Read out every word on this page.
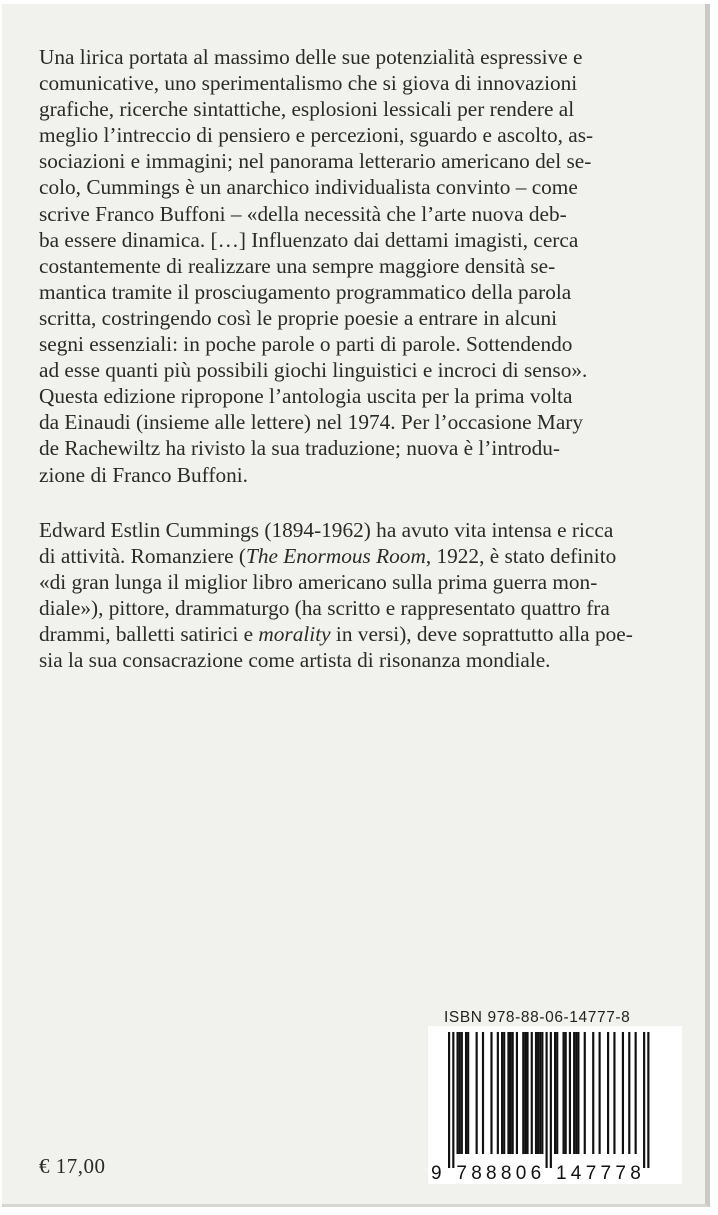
Una lirica portata al massimo delle sue potenzialità espressive e
comunicative, uno sperimentalismo che si giova di innovazioni
grafiche, ricerche sintattiche, esplosioni lessicali per rendere al
meglio l’intreccio di pensiero e percezioni, sguardo e ascolto, as-
sociazioni e immagini; nel panorama letterario americano del se-
colo, Cummings è un anarchico individualista convinto – come
scrive Franco Buffoni – «della necessità che l’arte nuova deb-
ba essere dinamica. […] Influenzato dai dettami imagisti, cerca
costantemente di realizzare una sempre maggiore densità se-
mantica tramite il prosciugamento programmatico della parola
scritta, costringendo così le proprie poesie a entrare in alcuni
segni essenziali: in poche parole o parti di parole. Sottendendo
ad esse quanti più possibili giochi linguistici e incroci di senso».
Questa edizione ripropone l’antologia uscita per la prima volta
da Einaudi (insieme alle lettere) nel 1974. Per l’occasione Mary
de Rachewiltz ha rivisto la sua traduzione; nuova è l’introdu-
zione di Franco Buffoni.
Edward Estlin Cummings (1894-1962) ha avuto vita intensa e ricca
di attività. Romanziere (The Enormous Room, 1922, è stato definito
«di gran lunga il miglior libro americano sulla prima guerra mon-
diale»), pittore, drammaturgo (ha scritto e rappresentato quattro fra
drammi, balletti satirici e morality in versi), deve soprattutto alla poe-
sia la sua consacrazione come artista di risonanza mondiale.
ISBN 978-88-06-14777-8
9 7 8 8 8 0 6 1 4 7 7 7 8
€ 17,00
